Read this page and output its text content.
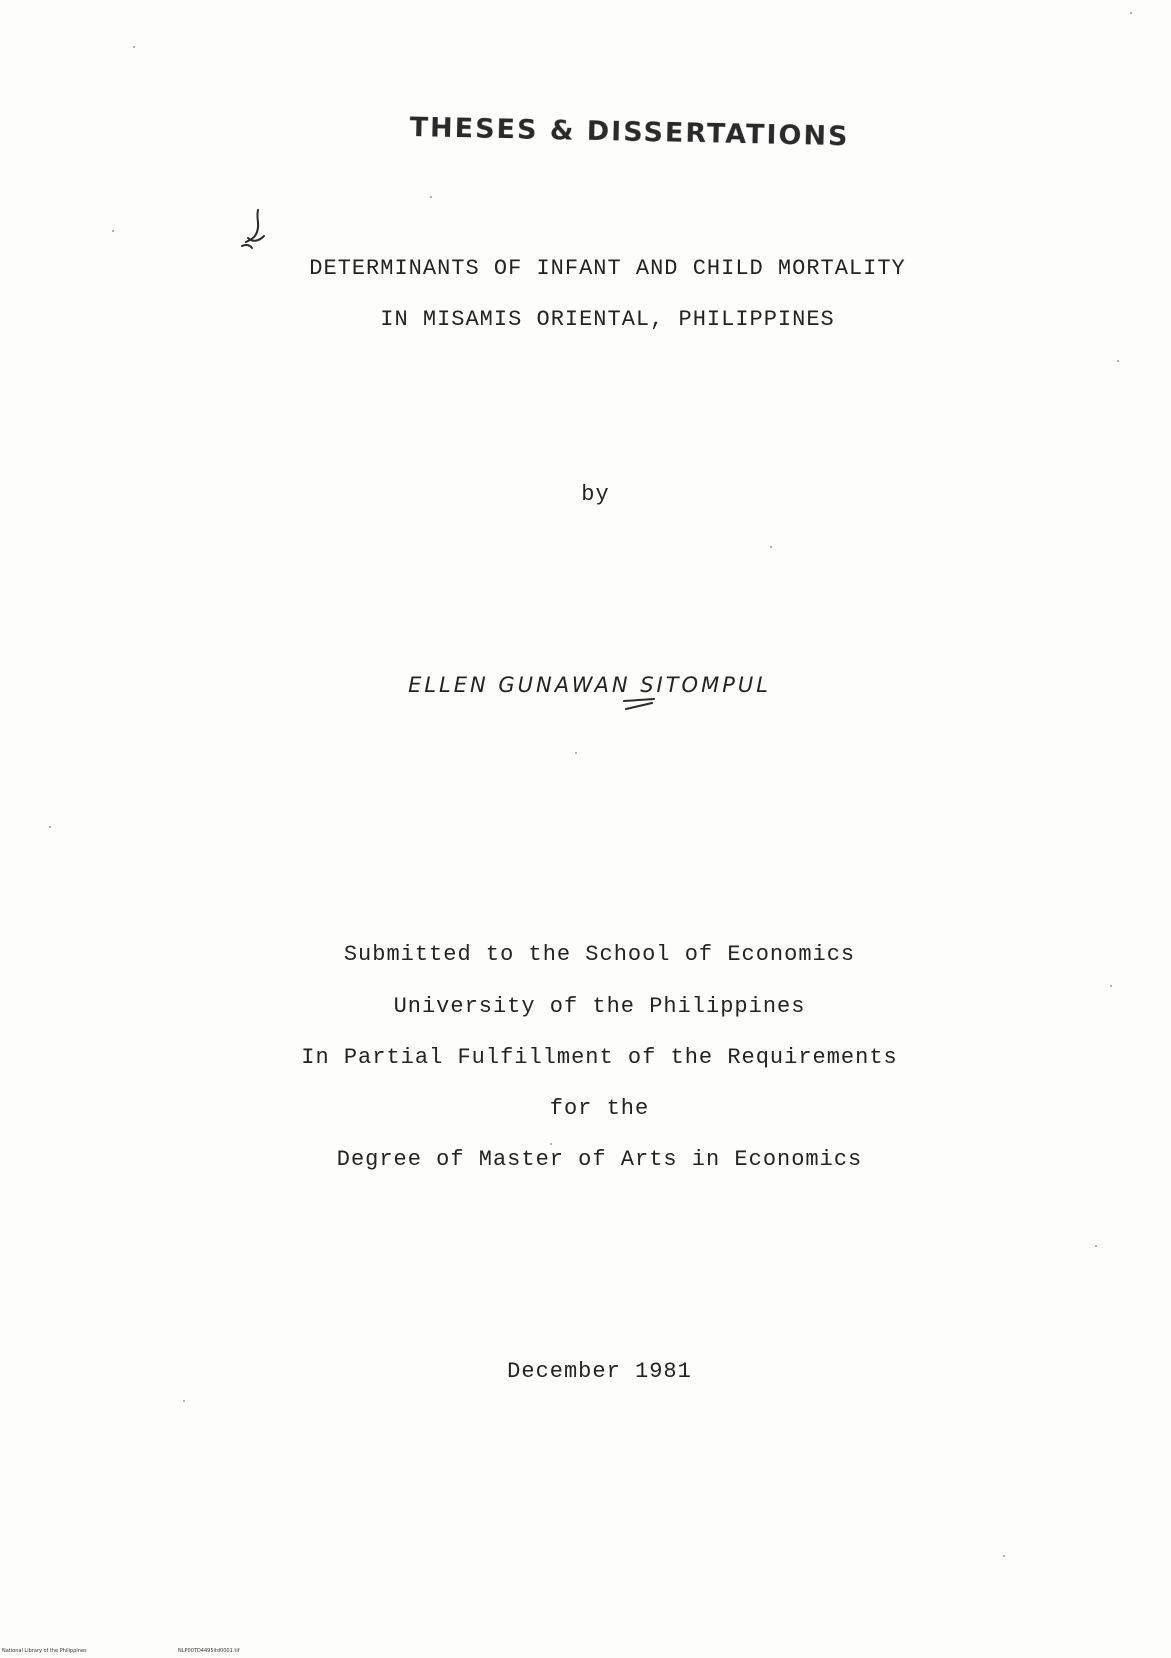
THESES & DISSERTATIONS
DETERMINANTS OF INFANT AND CHILD MORTALITY
IN MISAMIS ORIENTAL, PHILIPPINES
by
ELLEN GUNAWAN SITOMPUL
Submitted to the School of Economics
University of the Philippines
In Partial Fulfillment of the Requirements
for the
Degree of Master of Arts in Economics
December 1981
National Library of the Philippines	NLP00TD4495itd0001.tif
